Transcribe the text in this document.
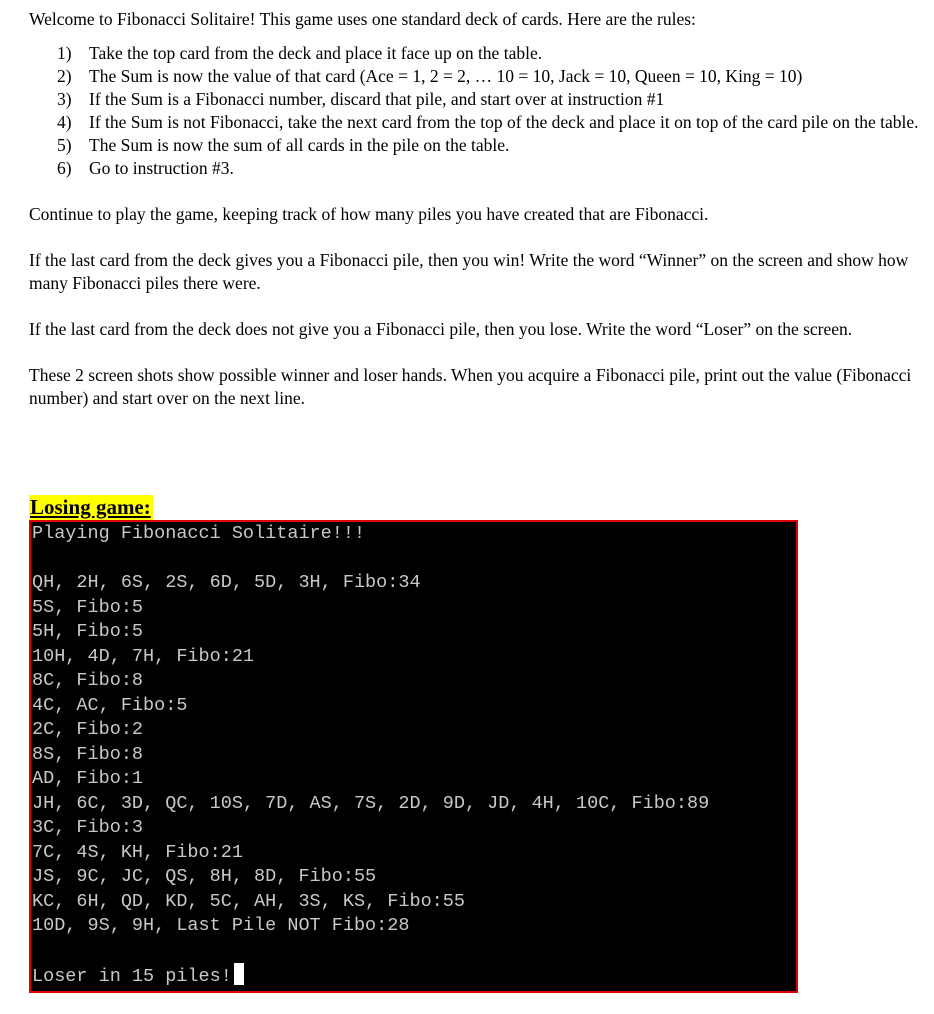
Welcome to Fibonacci Solitaire! This game uses one standard deck of cards. Here are the rules:

1) Take the top card from the deck and place it face up on the table.
2) The Sum is now the value of that card (Ace = 1, 2 = 2, … 10 = 10, Jack = 10, Queen = 10, King = 10)
3) If the Sum is a Fibonacci number, discard that pile, and start over at instruction #1
4) If the Sum is not Fibonacci, take the next card from the top of the deck and place it on top of the card pile on the table.
5) The Sum is now the sum of all cards in the pile on the table.
6) Go to instruction #3.

Continue to play the game, keeping track of how many piles you have created that are Fibonacci.

If the last card from the deck gives you a Fibonacci pile, then you win! Write the word “Winner” on the screen and show how many Fibonacci piles there were.

If the last card from the deck does not give you a Fibonacci pile, then you lose. Write the word “Loser” on the screen.

These 2 screen shots show possible winner and loser hands. When you acquire a Fibonacci pile, print out the value (Fibonacci number) and start over on the next line.

Losing game:
Playing Fibonacci Solitaire!!!
QH, 2H, 6S, 2S, 6D, 5D, 3H, Fibo:34
5S, Fibo:5
5H, Fibo:5
10H, 4D, 7H, Fibo:21
8C, Fibo:8
4C, AC, Fibo:5
2C, Fibo:2
8S, Fibo:8
AD, Fibo:1
JH, 6C, 3D, QC, 10S, 7D, AS, 7S, 2D, 9D, JD, 4H, 10C, Fibo:89
3C, Fibo:3
7C, 4S, KH, Fibo:21
JS, 9C, JC, QS, 8H, 8D, Fibo:55
KC, 6H, QD, KD, 5C, AH, 3S, KS, Fibo:55
10D, 9S, 9H, Last Pile NOT Fibo:28
Loser in 15 piles!
